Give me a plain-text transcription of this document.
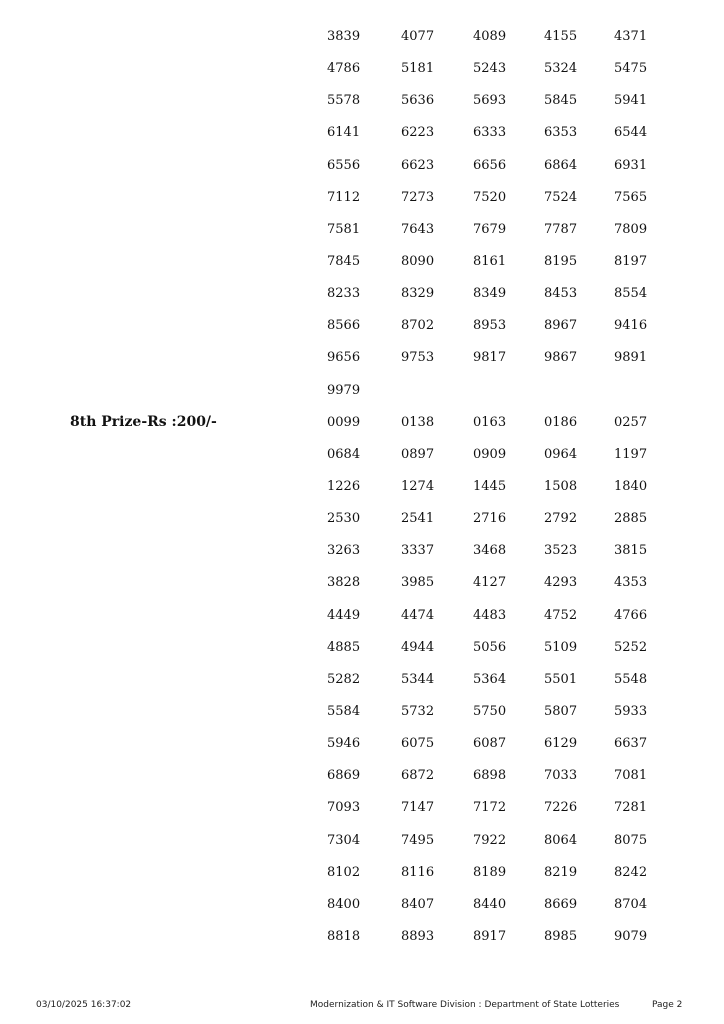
8th Prize-Rs :200/-
3839	4077	4089	4155	4371
4786	5181	5243	5324	5475
5578	5636	5693	5845	5941
6141	6223	6333	6353	6544
6556	6623	6656	6864	6931
7112	7273	7520	7524	7565
7581	7643	7679	7787	7809
7845	8090	8161	8195	8197
8233	8329	8349	8453	8554
8566	8702	8953	8967	9416
9656	9753	9817	9867	9891
9979
0099	0138	0163	0186	0257
0684	0897	0909	0964	1197
1226	1274	1445	1508	1840
2530	2541	2716	2792	2885
3263	3337	3468	3523	3815
3828	3985	4127	4293	4353
4449	4474	4483	4752	4766
4885	4944	5056	5109	5252
5282	5344	5364	5501	5548
5584	5732	5750	5807	5933
5946	6075	6087	6129	6637
6869	6872	6898	7033	7081
7093	7147	7172	7226	7281
7304	7495	7922	8064	8075
8102	8116	8189	8219	8242
8400	8407	8440	8669	8704
8818	8893	8917	8985	9079
03/10/2025 16:37:02	Modernization & IT Software Division : Department of State Lotteries	Page 2
